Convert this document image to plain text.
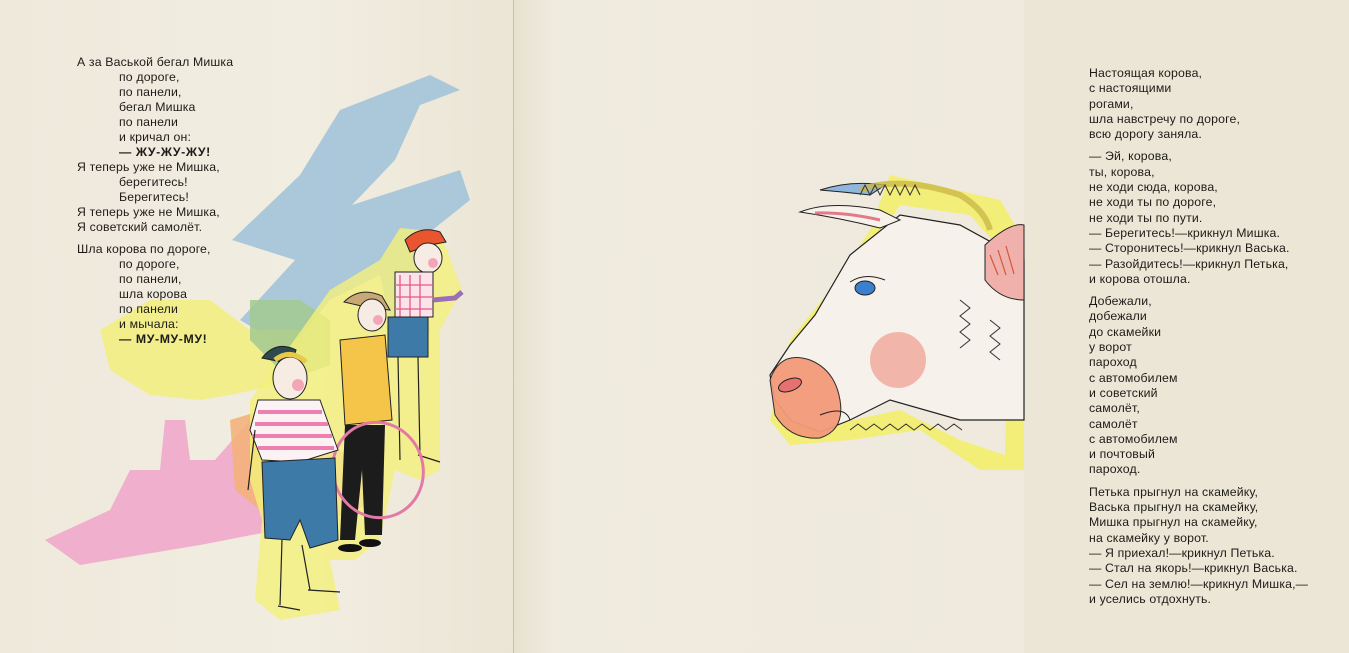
А за Васькой бегал Мишка
по дороге,
по панели,
бегал Мишка
по панели
и кричал он:
— ЖУ-ЖУ-ЖУ!
Я теперь уже не Мишка,
берегитесь!
Берегитесь!
Я теперь уже не Мишка,
Я советский самолёт.
Шла корова по дороге,
по дороге,
по панели,
шла корова
по панели
и мычала:
— МУ-МУ-МУ!
Настоящая корова,
с настоящими
рогами,
шла навстречу по дороге,
всю дорогу заняла.
— Эй, корова,
ты, корова,
не ходи сюда, корова,
не ходи ты по дороге,
не ходи ты по пути.
— Берегитесь!—крикнул Мишка.
— Сторонитесь!—крикнул Васька.
— Разойдитесь!—крикнул Петька,
и корова отошла.
Добежали,
добежали
до скамейки
у ворот
пароход
с автомобилем
и советский
самолёт,
самолёт
с автомобилем
и почтовый
пароход.
Петька прыгнул на скамейку,
Васька прыгнул на скамейку,
Мишка прыгнул на скамейку,
на скамейку у ворот.
— Я приехал!—крикнул Петька.
— Стал на якорь!—крикнул Васька.
— Сел на землю!—крикнул Мишка,—
и уселись отдохнуть.
